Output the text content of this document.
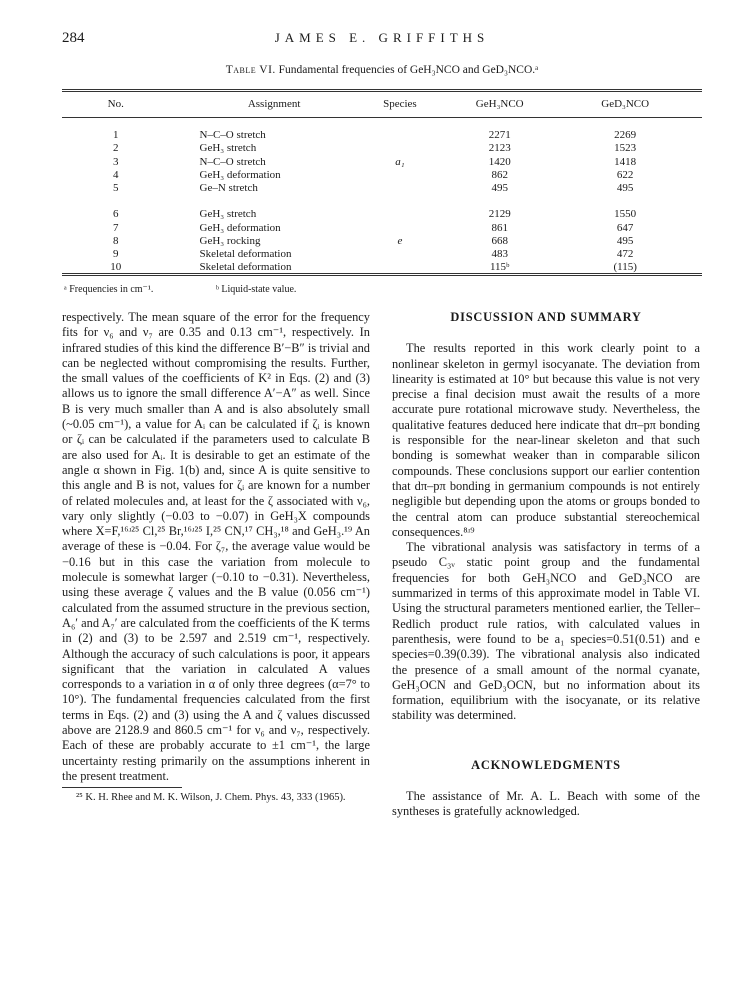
284	JAMES E. GRIFFITHS
Table VI. Fundamental frequencies of GeH₃NCO and GeD₃NCO.ᵃ
No.	Assignment	Species	GeH₃NCO	GeD₃NCO

1	N–C–O stretch		2271	2269
2	GeH₃ stretch		2123	1523
3	N–C–O stretch	a₁	1420	1418
4	GeH₃ deformation		862	622
5	Ge–N stretch		495	495

6	GeH₃ stretch		2129	1550
7	GeH₃ deformation		861	647
8	GeH₃ rocking	e	668	495
9	Skeletal deformation		483	472
10	Skeletal deformation		115ᵇ	(115)
ᵃ Frequencies in cm⁻¹.	ᵇ Liquid-state value.

respectively. The mean square of the error for the frequency fits for ν₆ and ν₇ are 0.35 and 0.13 cm⁻¹, respectively. In infrared studies of this kind the difference B′−B″ is trivial and can be neglected without compromising the results. Further, the small values of the coefficients of K² in Eqs. (2) and (3) allows us to ignore the small difference A′−A″ as well. Since B is very much smaller than A and is also absolutely small (~0.05 cm⁻¹), a value for Aᵢ can be calculated if ζᵢ is known or ζᵢ can be calculated if the parameters used to calculate B are also used for Aᵢ. It is desirable to get an estimate of the angle α shown in Fig. 1(b) and, since A is quite sensitive to this angle and B is not, values for ζᵢ are known for a number of related molecules and, at least for the ζ associated with ν₆, vary only slightly (−0.03 to −0.07) in GeH₃X compounds where X=F,¹⁶ʴ²⁵ Cl,²⁵ Br,¹⁶ʴ²⁵ I,²⁵ CN,¹⁷ CH₃,¹⁸ and GeH₃.¹⁹ An average of these is −0.04. For ζ₇, the average value would be −0.16 but in this case the variation from molecule to molecule is somewhat larger (−0.10 to −0.31). Nevertheless, using these average ζ values and the B value (0.056 cm⁻¹) calculated from the assumed structure in the previous section, A₆′ and A₇′ are calculated from the coefficients of the K terms in (2) and (3) to be 2.597 and 2.519 cm⁻¹, respectively. Although the accuracy of such calculations is poor, it appears significant that the variation in calculated A values corresponds to a variation in α of only three degrees (α=7° to 10°). The fundamental frequencies calculated from the first terms in Eqs. (2) and (3) using the A and ζ values discussed above are 2128.9 and 860.5 cm⁻¹ for ν₆ and ν₇, respectively. Each of these are probably accurate to ±1 cm⁻¹, the large uncertainty resting primarily on the assumptions inherent in the present treatment.

²⁵ K. H. Rhee and M. K. Wilson, J. Chem. Phys. 43, 333 (1965).

DISCUSSION AND SUMMARY

The results reported in this work clearly point to a nonlinear skeleton in germyl isocyanate. The deviation from linearity is estimated at 10° but because this value is not very precise a final decision must await the results of a more accurate pure rotational microwave study. Nevertheless, the qualitative features deduced here indicate that dπ–pπ bonding is responsible for the near-linear skeleton and that such bonding is somewhat weaker than in comparable silicon compounds. These conclusions support our earlier contention that dπ–pπ bonding in germanium compounds is not entirely negligible but depending upon the atoms or groups bonded to the central atom can produce substantial stereochemical consequences.⁸ʴ⁹

The vibrational analysis was satisfactory in terms of a pseudo C₃ᵥ static point group and the fundamental frequencies for both GeH₃NCO and GeD₃NCO are summarized in terms of this approximate model in Table VI. Using the structural parameters mentioned earlier, the Teller–Redlich product rule ratios, with calculated values in parenthesis, were found to be a₁ species=0.51(0.51) and e species=0.39(0.39). The vibrational analysis also indicated the presence of a small amount of the normal cyanate, GeH₃OCN and GeD₃OCN, but no information about its formation, equilibrium with the isocyanate, or its relative stability was determined.

ACKNOWLEDGMENTS

The assistance of Mr. A. L. Beach with some of the syntheses is gratefully acknowledged.
